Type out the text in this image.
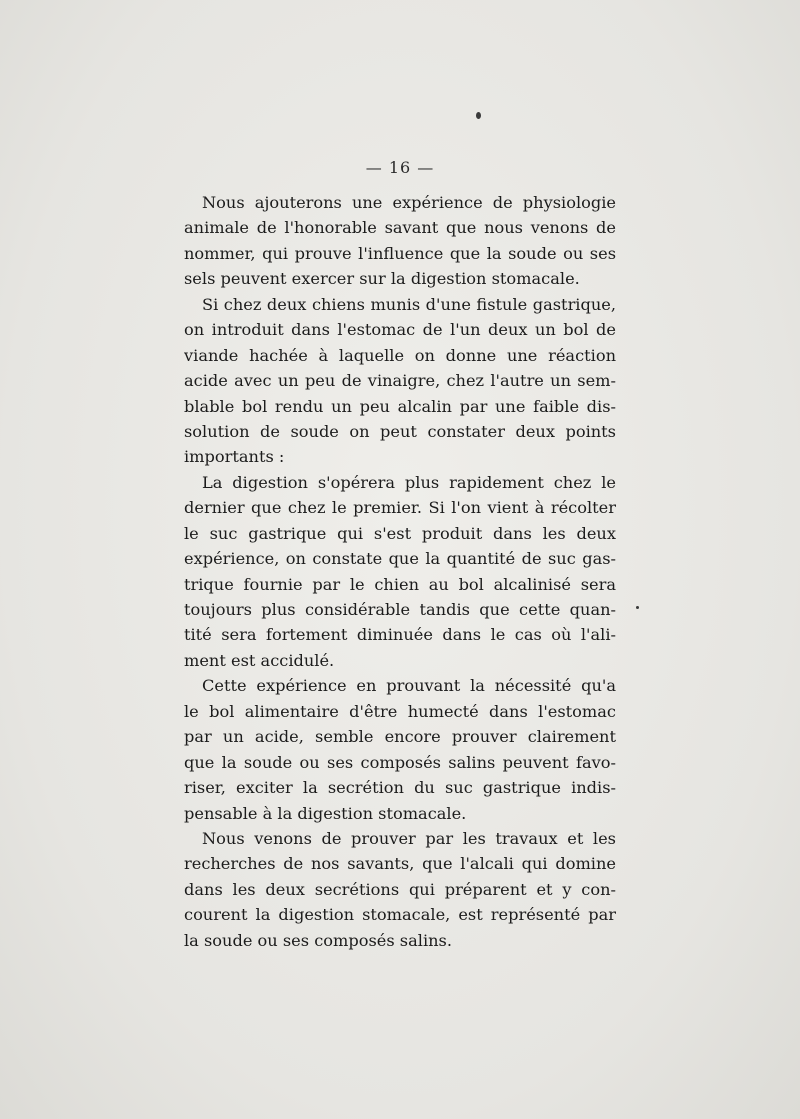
— 16 —
Nous ajouterons une expérience de physiologie
animale de l'honorable savant que nous venons de
nommer, qui prouve l'influence que la soude ou ses
sels peuvent exercer sur la digestion stomacale.
Si chez deux chiens munis d'une fistule gastrique,
on introduit dans l'estomac de l'un deux un bol de
viande hachée à laquelle on donne une réaction
acide avec un peu de vinaigre, chez l'autre un sem-
blable bol rendu un peu alcalin par une faible dis-
solution de soude on peut constater deux points
importants :
La digestion s'opérera plus rapidement chez le
dernier que chez le premier. Si l'on vient à récolter
le suc gastrique qui s'est produit dans les deux
expérience, on constate que la quantité de suc gas-
trique fournie par le chien au bol alcalinisé sera
toujours plus considérable tandis que cette quan-
tité sera fortement diminuée dans le cas où l'ali-
ment est accidulé.
Cette expérience en prouvant la nécessité qu'a
le bol alimentaire d'être humecté dans l'estomac
par un acide, semble encore prouver clairement
que la soude ou ses composés salins peuvent favo-
riser, exciter la secrétion du suc gastrique indis-
pensable à la digestion stomacale.
Nous venons de prouver par les travaux et les
recherches de nos savants, que l'alcali qui domine
dans les deux secrétions qui préparent et y con-
courent la digestion stomacale, est représenté par
la soude ou ses composés salins.
